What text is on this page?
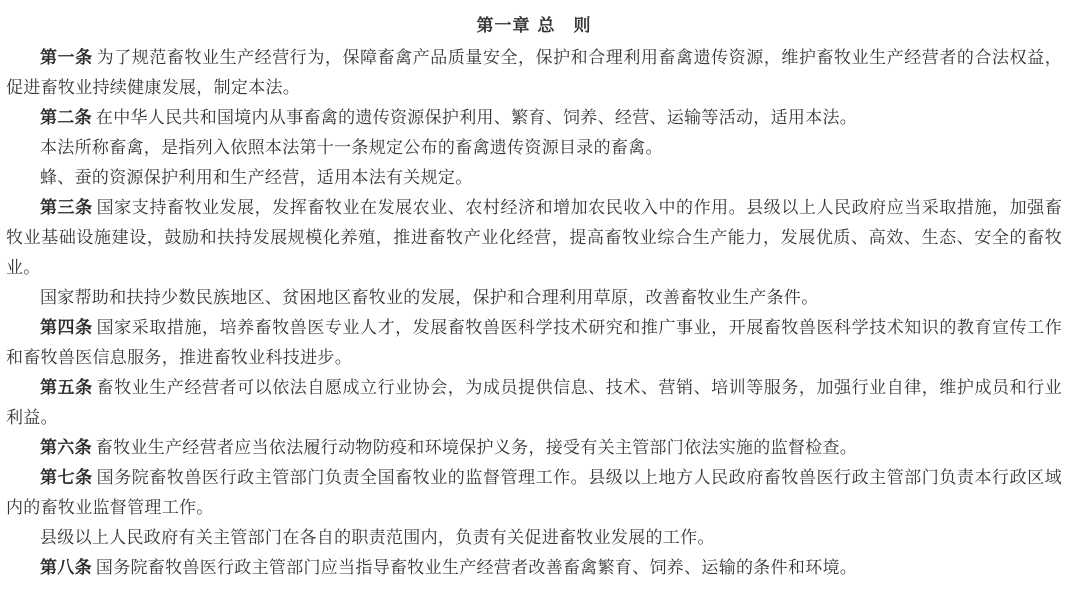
第一章 总　则

第一条 为了规范畜牧业生产经营行为，保障畜禽产品质量安全，保护和合理利用畜禽遗传资源，维护畜牧业生产经营者的合法权益，促进畜牧业持续健康发展，制定本法。

第二条 在中华人民共和国境内从事畜禽的遗传资源保护利用、繁育、饲养、经营、运输等活动，适用本法。

本法所称畜禽，是指列入依照本法第十一条规定公布的畜禽遗传资源目录的畜禽。

蜂、蚕的资源保护利用和生产经营，适用本法有关规定。

第三条 国家支持畜牧业发展，发挥畜牧业在发展农业、农村经济和增加农民收入中的作用。县级以上人民政府应当采取措施，加强畜牧业基础设施建设，鼓励和扶持发展规模化养殖，推进畜牧产业化经营，提高畜牧业综合生产能力，发展优质、高效、生态、安全的畜牧业。

国家帮助和扶持少数民族地区、贫困地区畜牧业的发展，保护和合理利用草原，改善畜牧业生产条件。

第四条 国家采取措施，培养畜牧兽医专业人才，发展畜牧兽医科学技术研究和推广事业，开展畜牧兽医科学技术知识的教育宣传工作和畜牧兽医信息服务，推进畜牧业科技进步。

第五条 畜牧业生产经营者可以依法自愿成立行业协会，为成员提供信息、技术、营销、培训等服务，加强行业自律，维护成员和行业利益。

第六条 畜牧业生产经营者应当依法履行动物防疫和环境保护义务，接受有关主管部门依法实施的监督检查。

第七条 国务院畜牧兽医行政主管部门负责全国畜牧业的监督管理工作。县级以上地方人民政府畜牧兽医行政主管部门负责本行政区域内的畜牧业监督管理工作。

县级以上人民政府有关主管部门在各自的职责范围内，负责有关促进畜牧业发展的工作。

第八条 国务院畜牧兽医行政主管部门应当指导畜牧业生产经营者改善畜禽繁育、饲养、运输的条件和环境。
